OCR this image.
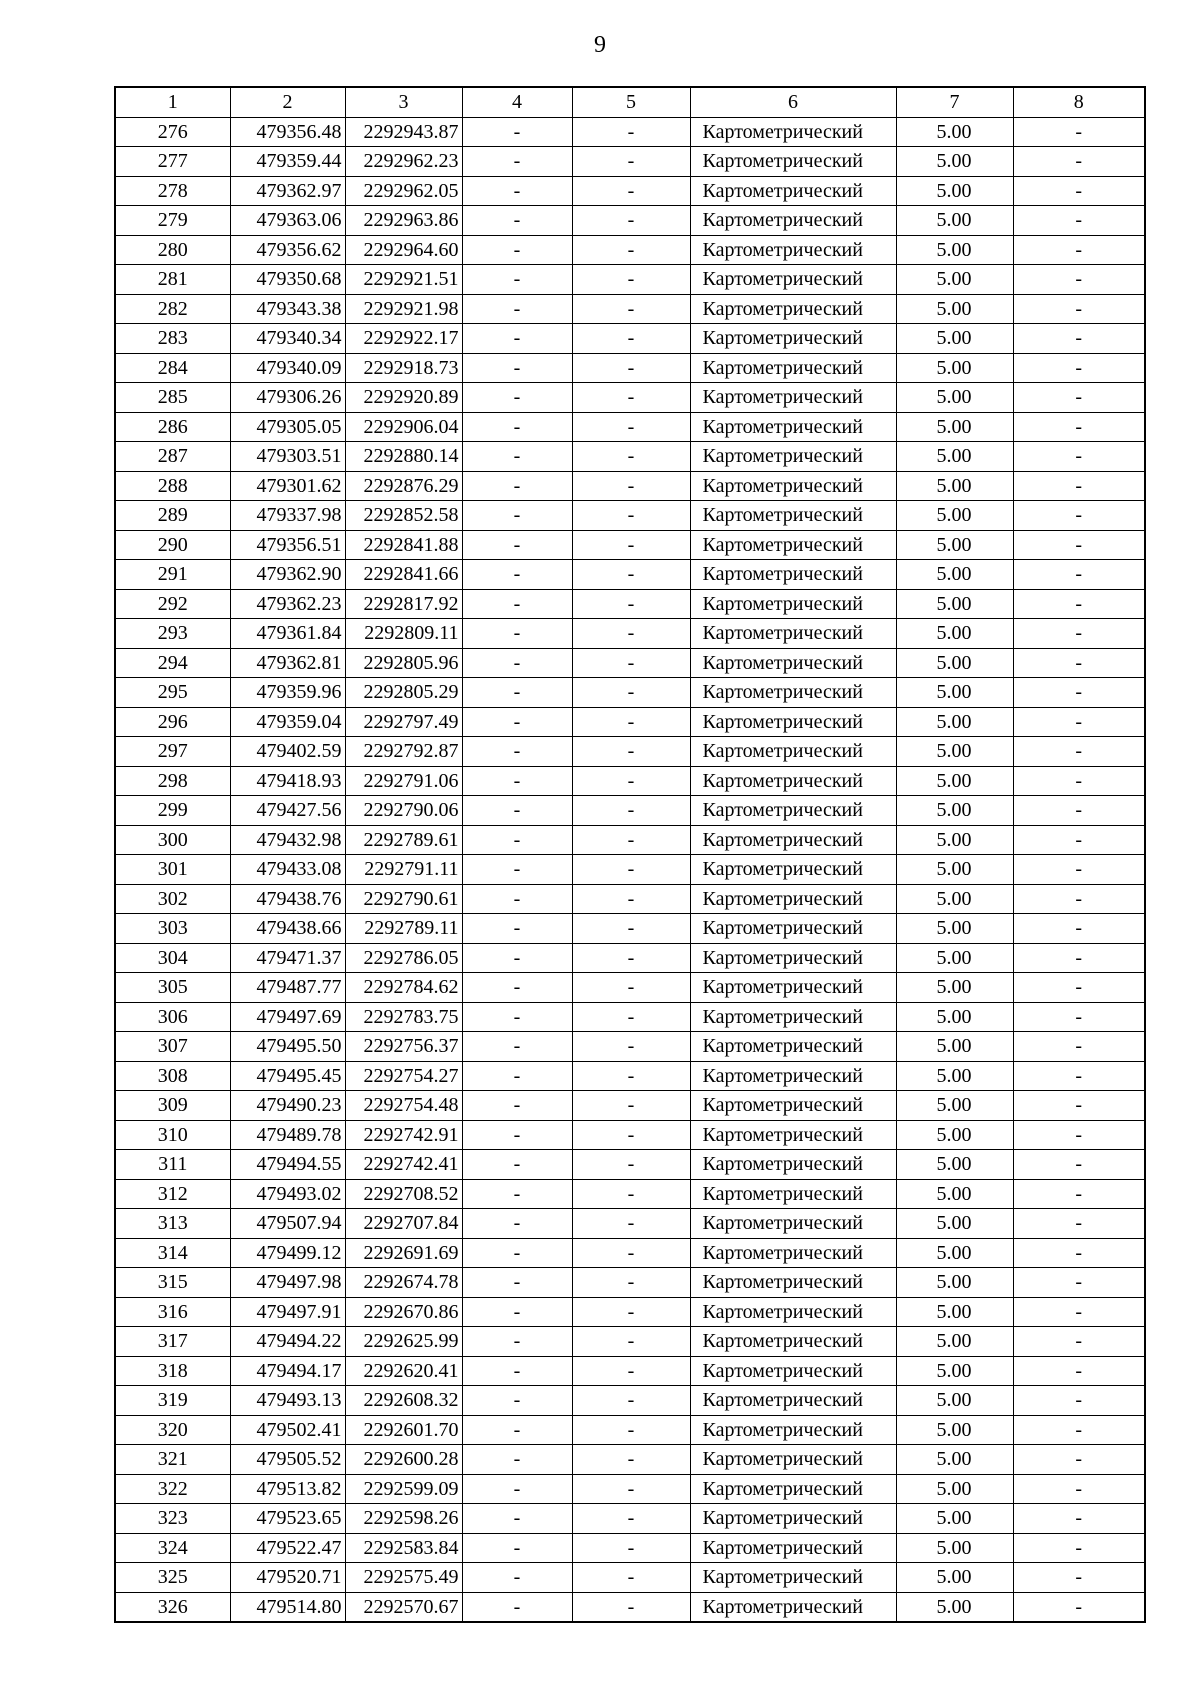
9
1	2	3	4	5	6	7	8
276	479356.48	2292943.87	-	-	Картометрический	5.00	-
277	479359.44	2292962.23	-	-	Картометрический	5.00	-
278	479362.97	2292962.05	-	-	Картометрический	5.00	-
279	479363.06	2292963.86	-	-	Картометрический	5.00	-
280	479356.62	2292964.60	-	-	Картометрический	5.00	-
281	479350.68	2292921.51	-	-	Картометрический	5.00	-
282	479343.38	2292921.98	-	-	Картометрический	5.00	-
283	479340.34	2292922.17	-	-	Картометрический	5.00	-
284	479340.09	2292918.73	-	-	Картометрический	5.00	-
285	479306.26	2292920.89	-	-	Картометрический	5.00	-
286	479305.05	2292906.04	-	-	Картометрический	5.00	-
287	479303.51	2292880.14	-	-	Картометрический	5.00	-
288	479301.62	2292876.29	-	-	Картометрический	5.00	-
289	479337.98	2292852.58	-	-	Картометрический	5.00	-
290	479356.51	2292841.88	-	-	Картометрический	5.00	-
291	479362.90	2292841.66	-	-	Картометрический	5.00	-
292	479362.23	2292817.92	-	-	Картометрический	5.00	-
293	479361.84	2292809.11	-	-	Картометрический	5.00	-
294	479362.81	2292805.96	-	-	Картометрический	5.00	-
295	479359.96	2292805.29	-	-	Картометрический	5.00	-
296	479359.04	2292797.49	-	-	Картометрический	5.00	-
297	479402.59	2292792.87	-	-	Картометрический	5.00	-
298	479418.93	2292791.06	-	-	Картометрический	5.00	-
299	479427.56	2292790.06	-	-	Картометрический	5.00	-
300	479432.98	2292789.61	-	-	Картометрический	5.00	-
301	479433.08	2292791.11	-	-	Картометрический	5.00	-
302	479438.76	2292790.61	-	-	Картометрический	5.00	-
303	479438.66	2292789.11	-	-	Картометрический	5.00	-
304	479471.37	2292786.05	-	-	Картометрический	5.00	-
305	479487.77	2292784.62	-	-	Картометрический	5.00	-
306	479497.69	2292783.75	-	-	Картометрический	5.00	-
307	479495.50	2292756.37	-	-	Картометрический	5.00	-
308	479495.45	2292754.27	-	-	Картометрический	5.00	-
309	479490.23	2292754.48	-	-	Картометрический	5.00	-
310	479489.78	2292742.91	-	-	Картометрический	5.00	-
311	479494.55	2292742.41	-	-	Картометрический	5.00	-
312	479493.02	2292708.52	-	-	Картометрический	5.00	-
313	479507.94	2292707.84	-	-	Картометрический	5.00	-
314	479499.12	2292691.69	-	-	Картометрический	5.00	-
315	479497.98	2292674.78	-	-	Картометрический	5.00	-
316	479497.91	2292670.86	-	-	Картометрический	5.00	-
317	479494.22	2292625.99	-	-	Картометрический	5.00	-
318	479494.17	2292620.41	-	-	Картометрический	5.00	-
319	479493.13	2292608.32	-	-	Картометрический	5.00	-
320	479502.41	2292601.70	-	-	Картометрический	5.00	-
321	479505.52	2292600.28	-	-	Картометрический	5.00	-
322	479513.82	2292599.09	-	-	Картометрический	5.00	-
323	479523.65	2292598.26	-	-	Картометрический	5.00	-
324	479522.47	2292583.84	-	-	Картометрический	5.00	-
325	479520.71	2292575.49	-	-	Картометрический	5.00	-
326	479514.80	2292570.67	-	-	Картометрический	5.00	-
